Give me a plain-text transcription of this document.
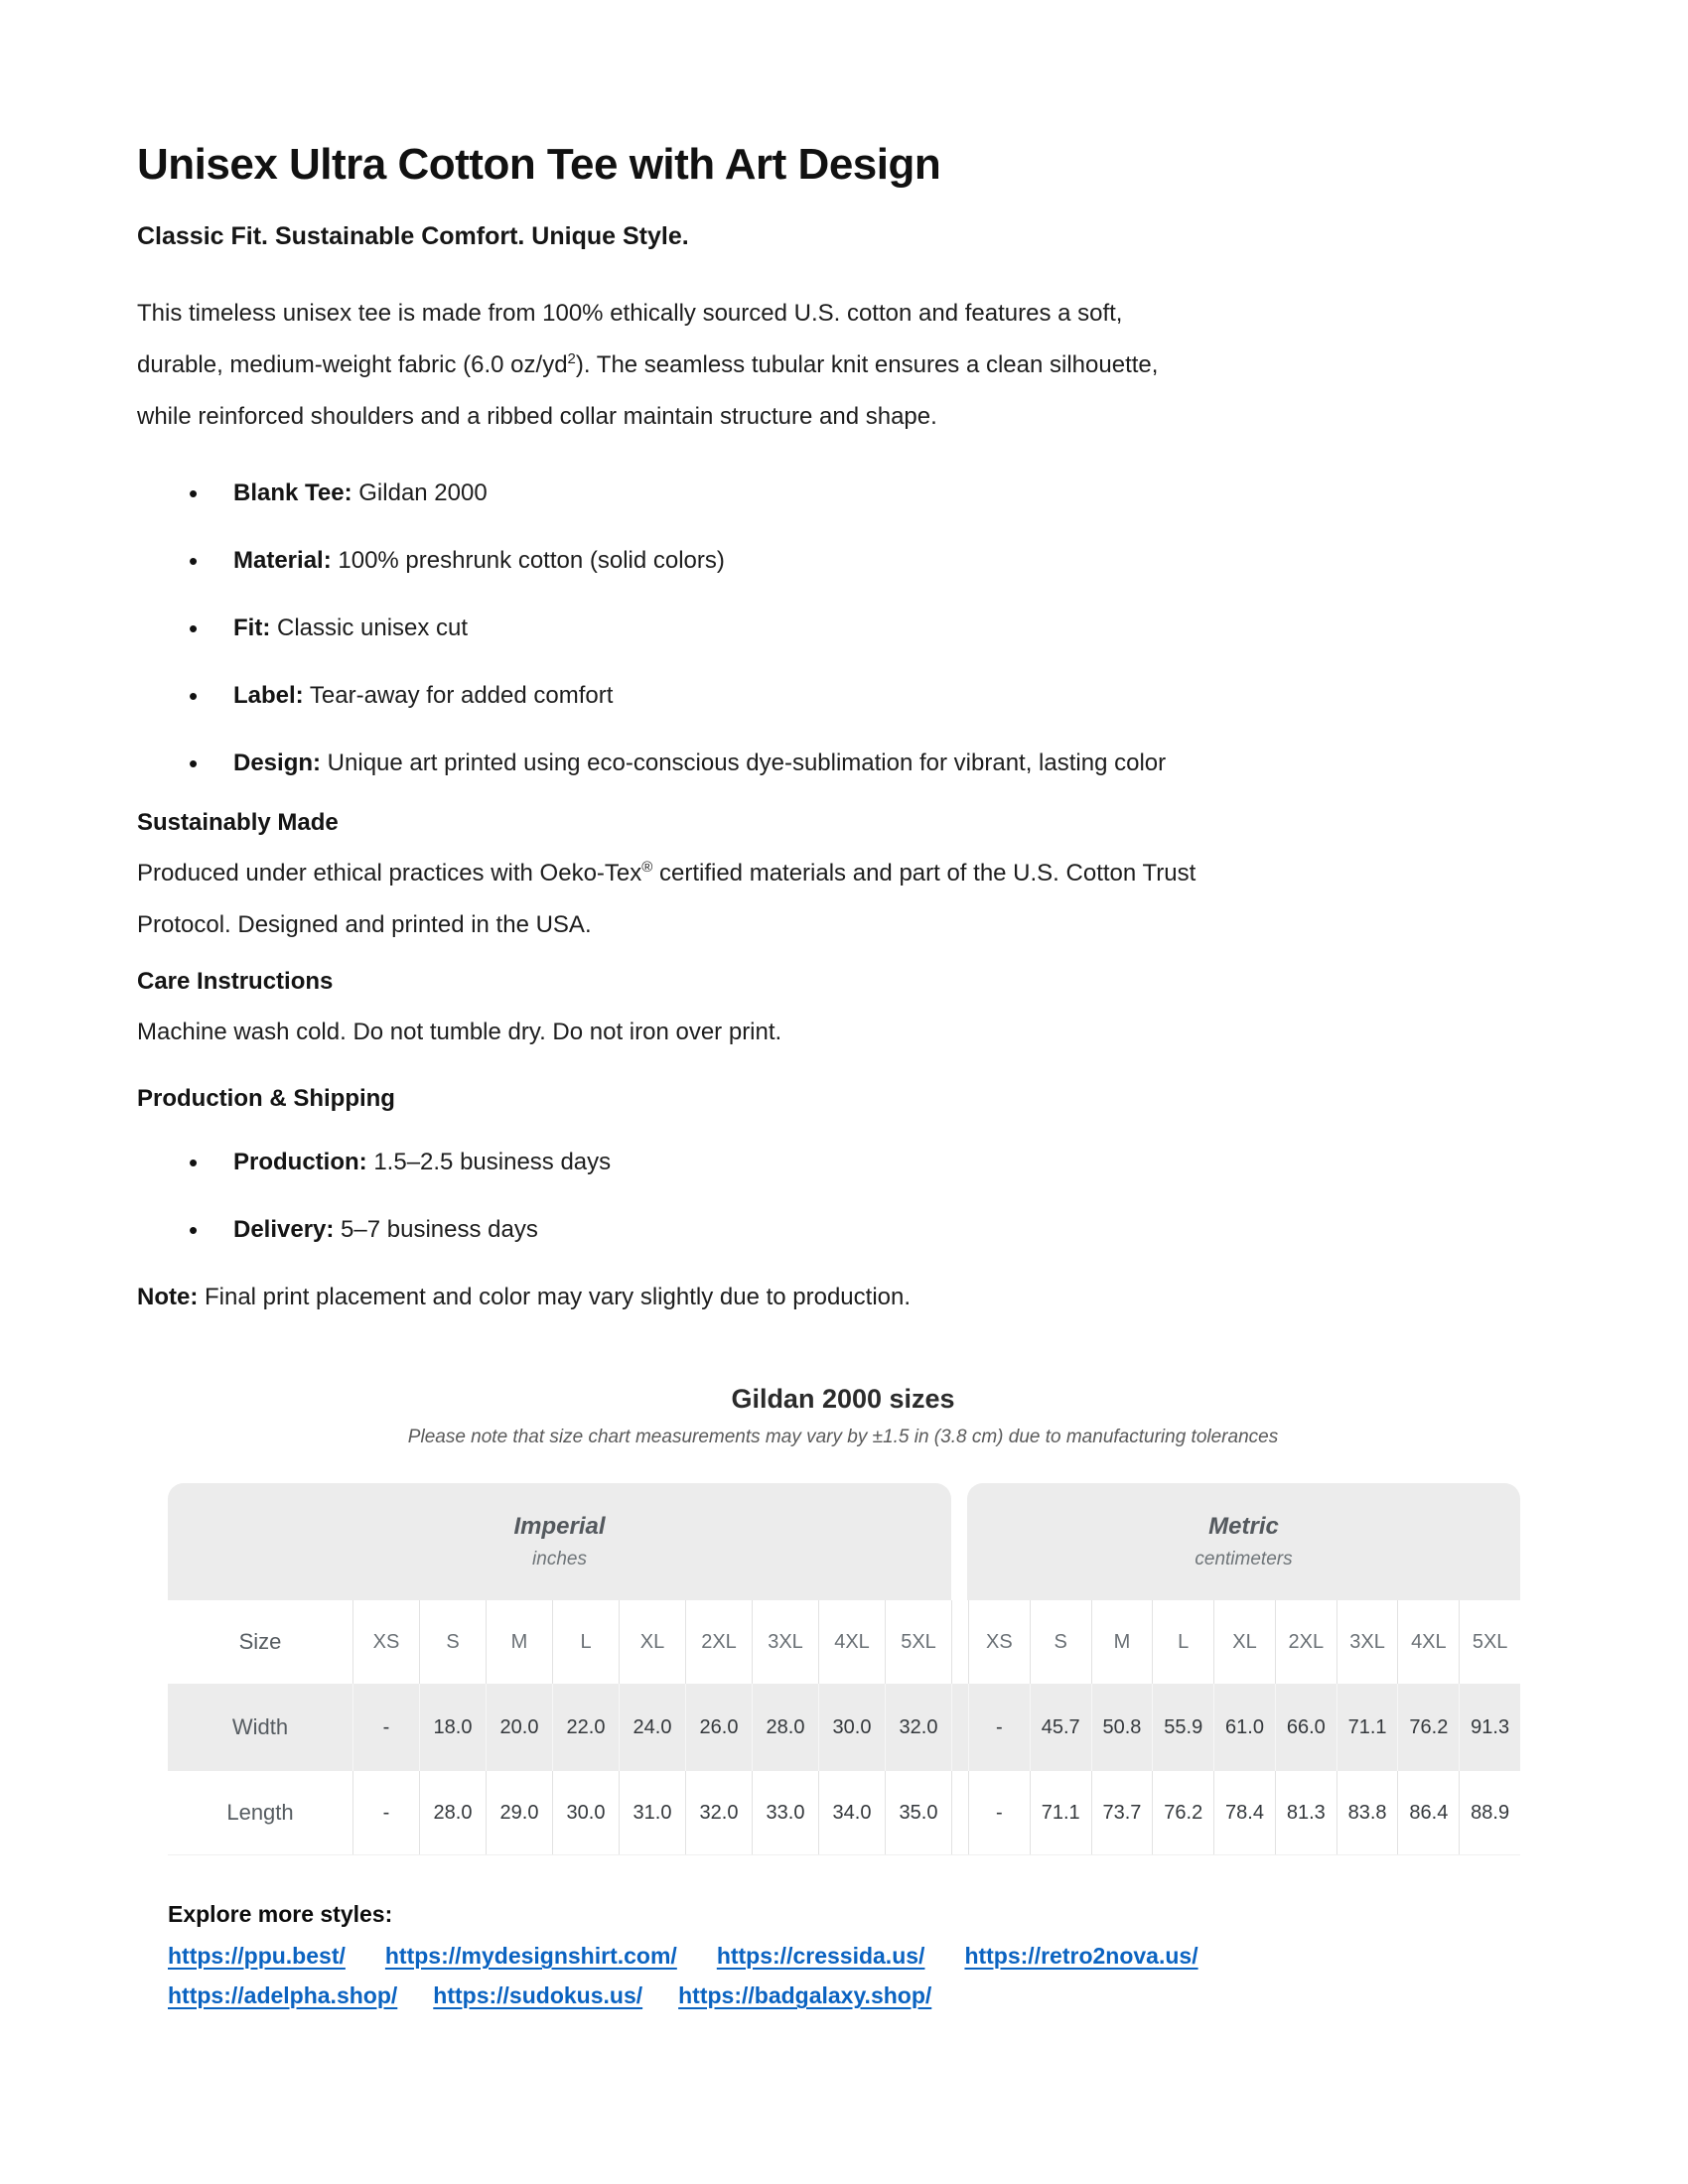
Unisex Ultra Cotton Tee with Art Design
Classic Fit. Sustainable Comfort. Unique Style.

This timeless unisex tee is made from 100% ethically sourced U.S. cotton and features a soft,
durable, medium-weight fabric (6.0 $oz/yd^2$). The seamless tubular knit ensures a clean silhouette,
while reinforced shoulders and a ribbed collar maintain structure and shape.

• Blank Tee: Gildan 2000
• Material: 100% preshrunk cotton (solid colors)
• Fit: Classic unisex cut
• Label: Tear-away for added comfort
• Design: Unique art printed using eco-conscious dye-sublimation for vibrant, lasting color
Sustainably Made

Produced under ethical practices with Oeko-Tex® certified materials and part of the U.S. Cotton Trust
Protocol. Designed and printed in the USA.

Care Instructions

Machine wash cold. Do not tumble dry. Do not iron over print.

Production & Shipping
• Production: 1.5–2.5 business days
• Delivery: 5–7 business days

Note: Final print placement and color may vary slightly due to production.

Gildan 2000 sizes

Please note that size chart measurements may vary by ±1.5 in (3.8 cm) due to manufacturing tolerances

Imperial
inches
Metric
centimeters
Size	XS	S	M	L	XL	2XL	3XL	4XL	5XL	XS	S	M	L	XL	2XL	3XL	4XL	5XL
Width	-	18.0	20.0	22.0	24.0	26.0	28.0	30.0	32.0	-	45.7	50.8	55.9	61.0	66.0	71.1	76.2	91.3
Length	-	28.0	29.0	30.0	31.0	32.0	33.0	34.0	35.0	-	71.1	73.7	76.2	78.4	81.3	83.8	86.4	88.9
Explore more styles:
https://ppu.best/ https://mydesignshirt.com/ https://cressida.us/ https://retro2nova.us/
https://adelpha.shop/ https://sudokus.us/ https://badgalaxy.shop/
